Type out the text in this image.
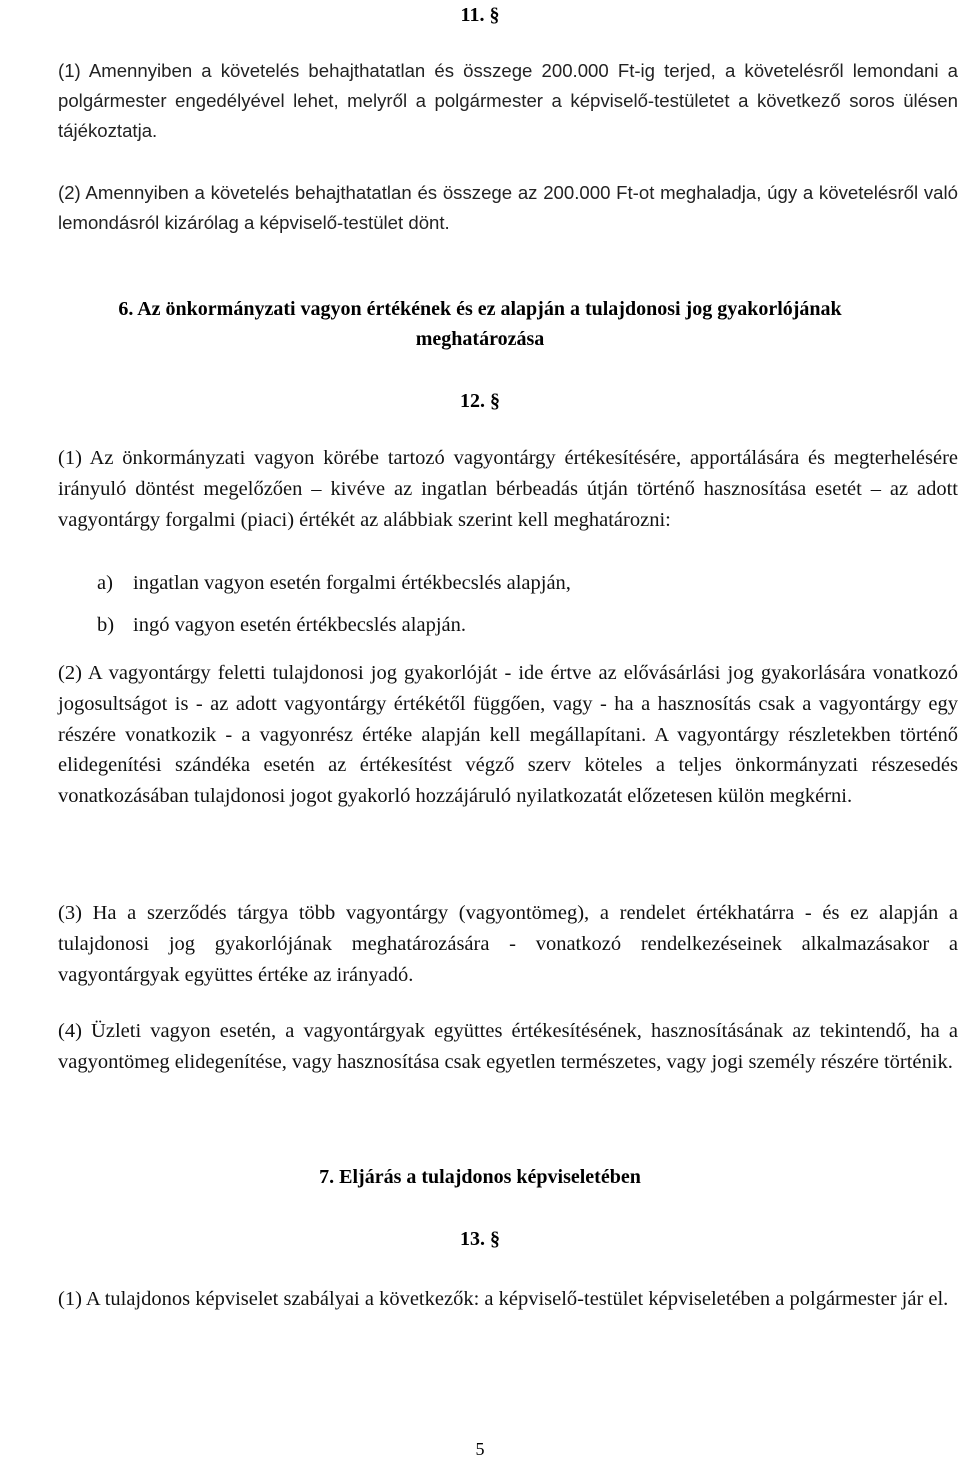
11. §

(1) Amennyiben a követelés behajthatatlan és összege 200.000 Ft-ig terjed, a követelésről lemondani a polgármester engedélyével lehet, melyről a polgármester a képviselő-testületet a következő soros ülésen tájékoztatja.

(2) Amennyiben a követelés behajthatatlan és összege az 200.000 Ft-ot meghaladja, úgy a követelésről való lemondásról kizárólag a képviselő-testület dönt.

6. Az önkormányzati vagyon értékének és ez alapján a tulajdonosi jog gyakorlójának meghatározása
12. §

(1) Az önkormányzati vagyon körébe tartozó vagyontárgy értékesítésére, apportálására és megterhelésére irányuló döntést megelőzően – kivéve az ingatlan bérbeadás útján történő hasznosítása esetét – az adott vagyontárgy forgalmi (piaci) értékét az alábbiak szerint kell meghatározni:

a) ingatlan vagyon esetén forgalmi értékbecslés alapján,
b) ingó vagyon esetén értékbecslés alapján.

(2) A vagyontárgy feletti tulajdonosi jog gyakorlóját - ide értve az elővásárlási jog gyakorlására vonatkozó jogosultságot is - az adott vagyontárgy értékétől függően, vagy - ha a hasznosítás csak a vagyontárgy egy részére vonatkozik - a vagyonrész értéke alapján kell megállapítani. A vagyontárgy részletekben történő elidegenítési szándéka esetén az értékesítést végző szerv köteles a teljes önkormányzati részesedés vonatkozásában tulajdonosi jogot gyakorló hozzájáruló nyilatkozatát előzetesen külön megkérni.

(3) Ha a szerződés tárgya több vagyontárgy (vagyontömeg), a rendelet értékhatárra - és ez alapján a tulajdonosi jog gyakorlójának meghatározására - vonatkozó rendelkezéseinek alkalmazásakor a vagyontárgyak együttes értéke az irányadó.

(4) Üzleti vagyon esetén, a vagyontárgyak együttes értékesítésének, hasznosításának az tekintendő, ha a vagyontömeg elidegenítése, vagy hasznosítása csak egyetlen természetes, vagy jogi személy részére történik.

7. Eljárás a tulajdonos képviseletében
13. §

(1) A tulajdonos képviselet szabályai a következők: a képviselő-testület képviseletében a polgármester jár el.

5
